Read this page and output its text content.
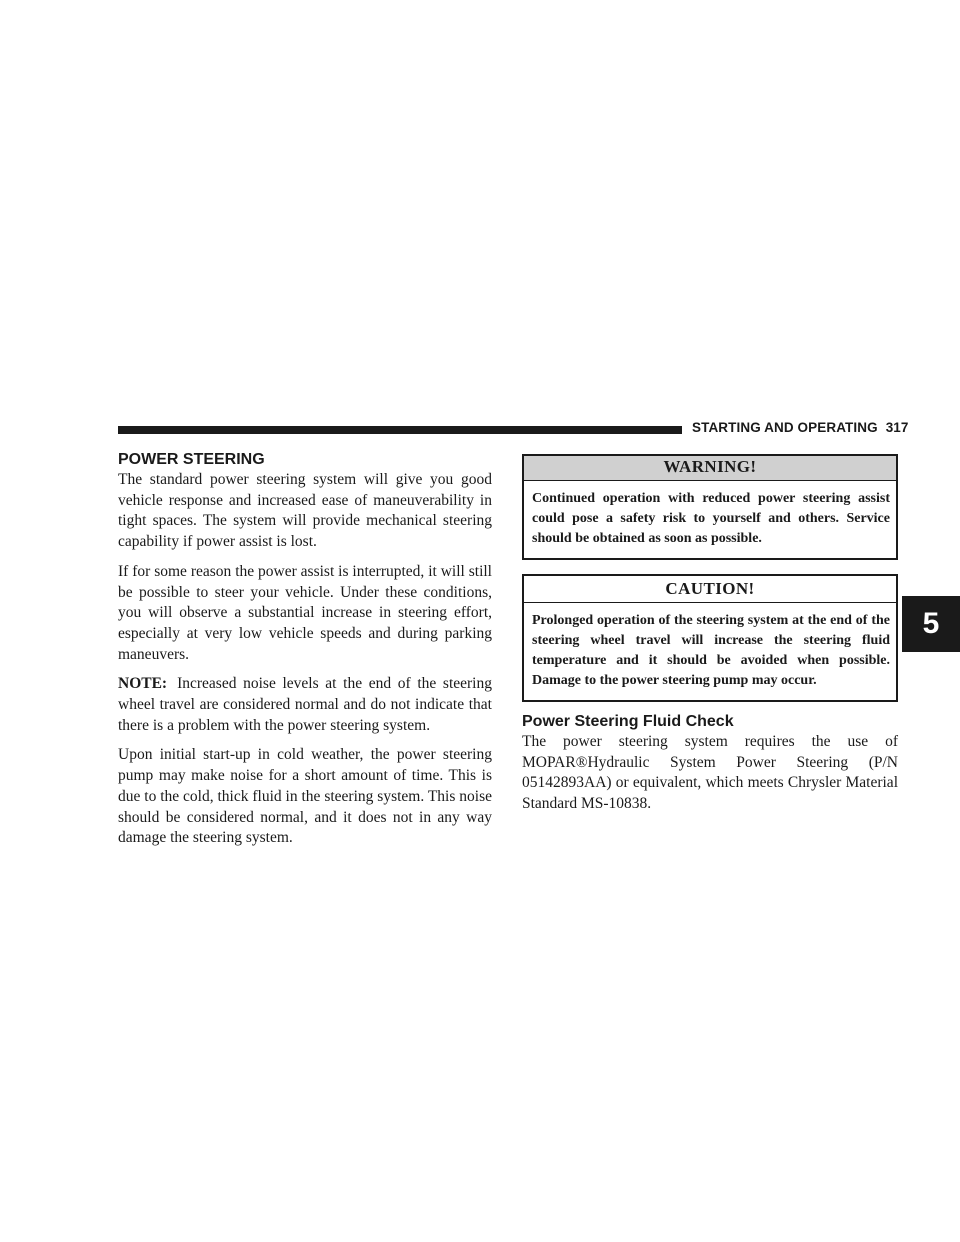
STARTING AND OPERATING 317
5
POWER STEERING

The standard power steering system will give you good vehicle response and increased ease of maneuverability in tight spaces. The system will provide mechanical steering capability if power assist is lost.

If for some reason the power assist is interrupted, it will still be possible to steer your vehicle. Under these conditions, you will observe a substantial increase in steering effort, especially at very low vehicle speeds and during parking maneuvers.

NOTE: Increased noise levels at the end of the steering wheel travel are considered normal and do not indicate that there is a problem with the power steering system.

Upon initial start-up in cold weather, the power steering pump may make noise for a short amount of time. This is due to the cold, thick fluid in the steering system. This noise should be considered normal, and it does not in any way damage the steering system.

WARNING!
Continued operation with reduced power steering assist could pose a safety risk to yourself and others. Service should be obtained as soon as possible.
CAUTION!
Prolonged operation of the steering system at the end of the steering wheel travel will increase the steering fluid temperature and it should be avoided when possible. Damage to the power steering pump may occur.
Power Steering Fluid Check

The power steering system requires the use of MOPAR®Hydraulic System Power Steering (P/N 05142893AA) or equivalent, which meets Chrysler Material Standard MS-10838.
